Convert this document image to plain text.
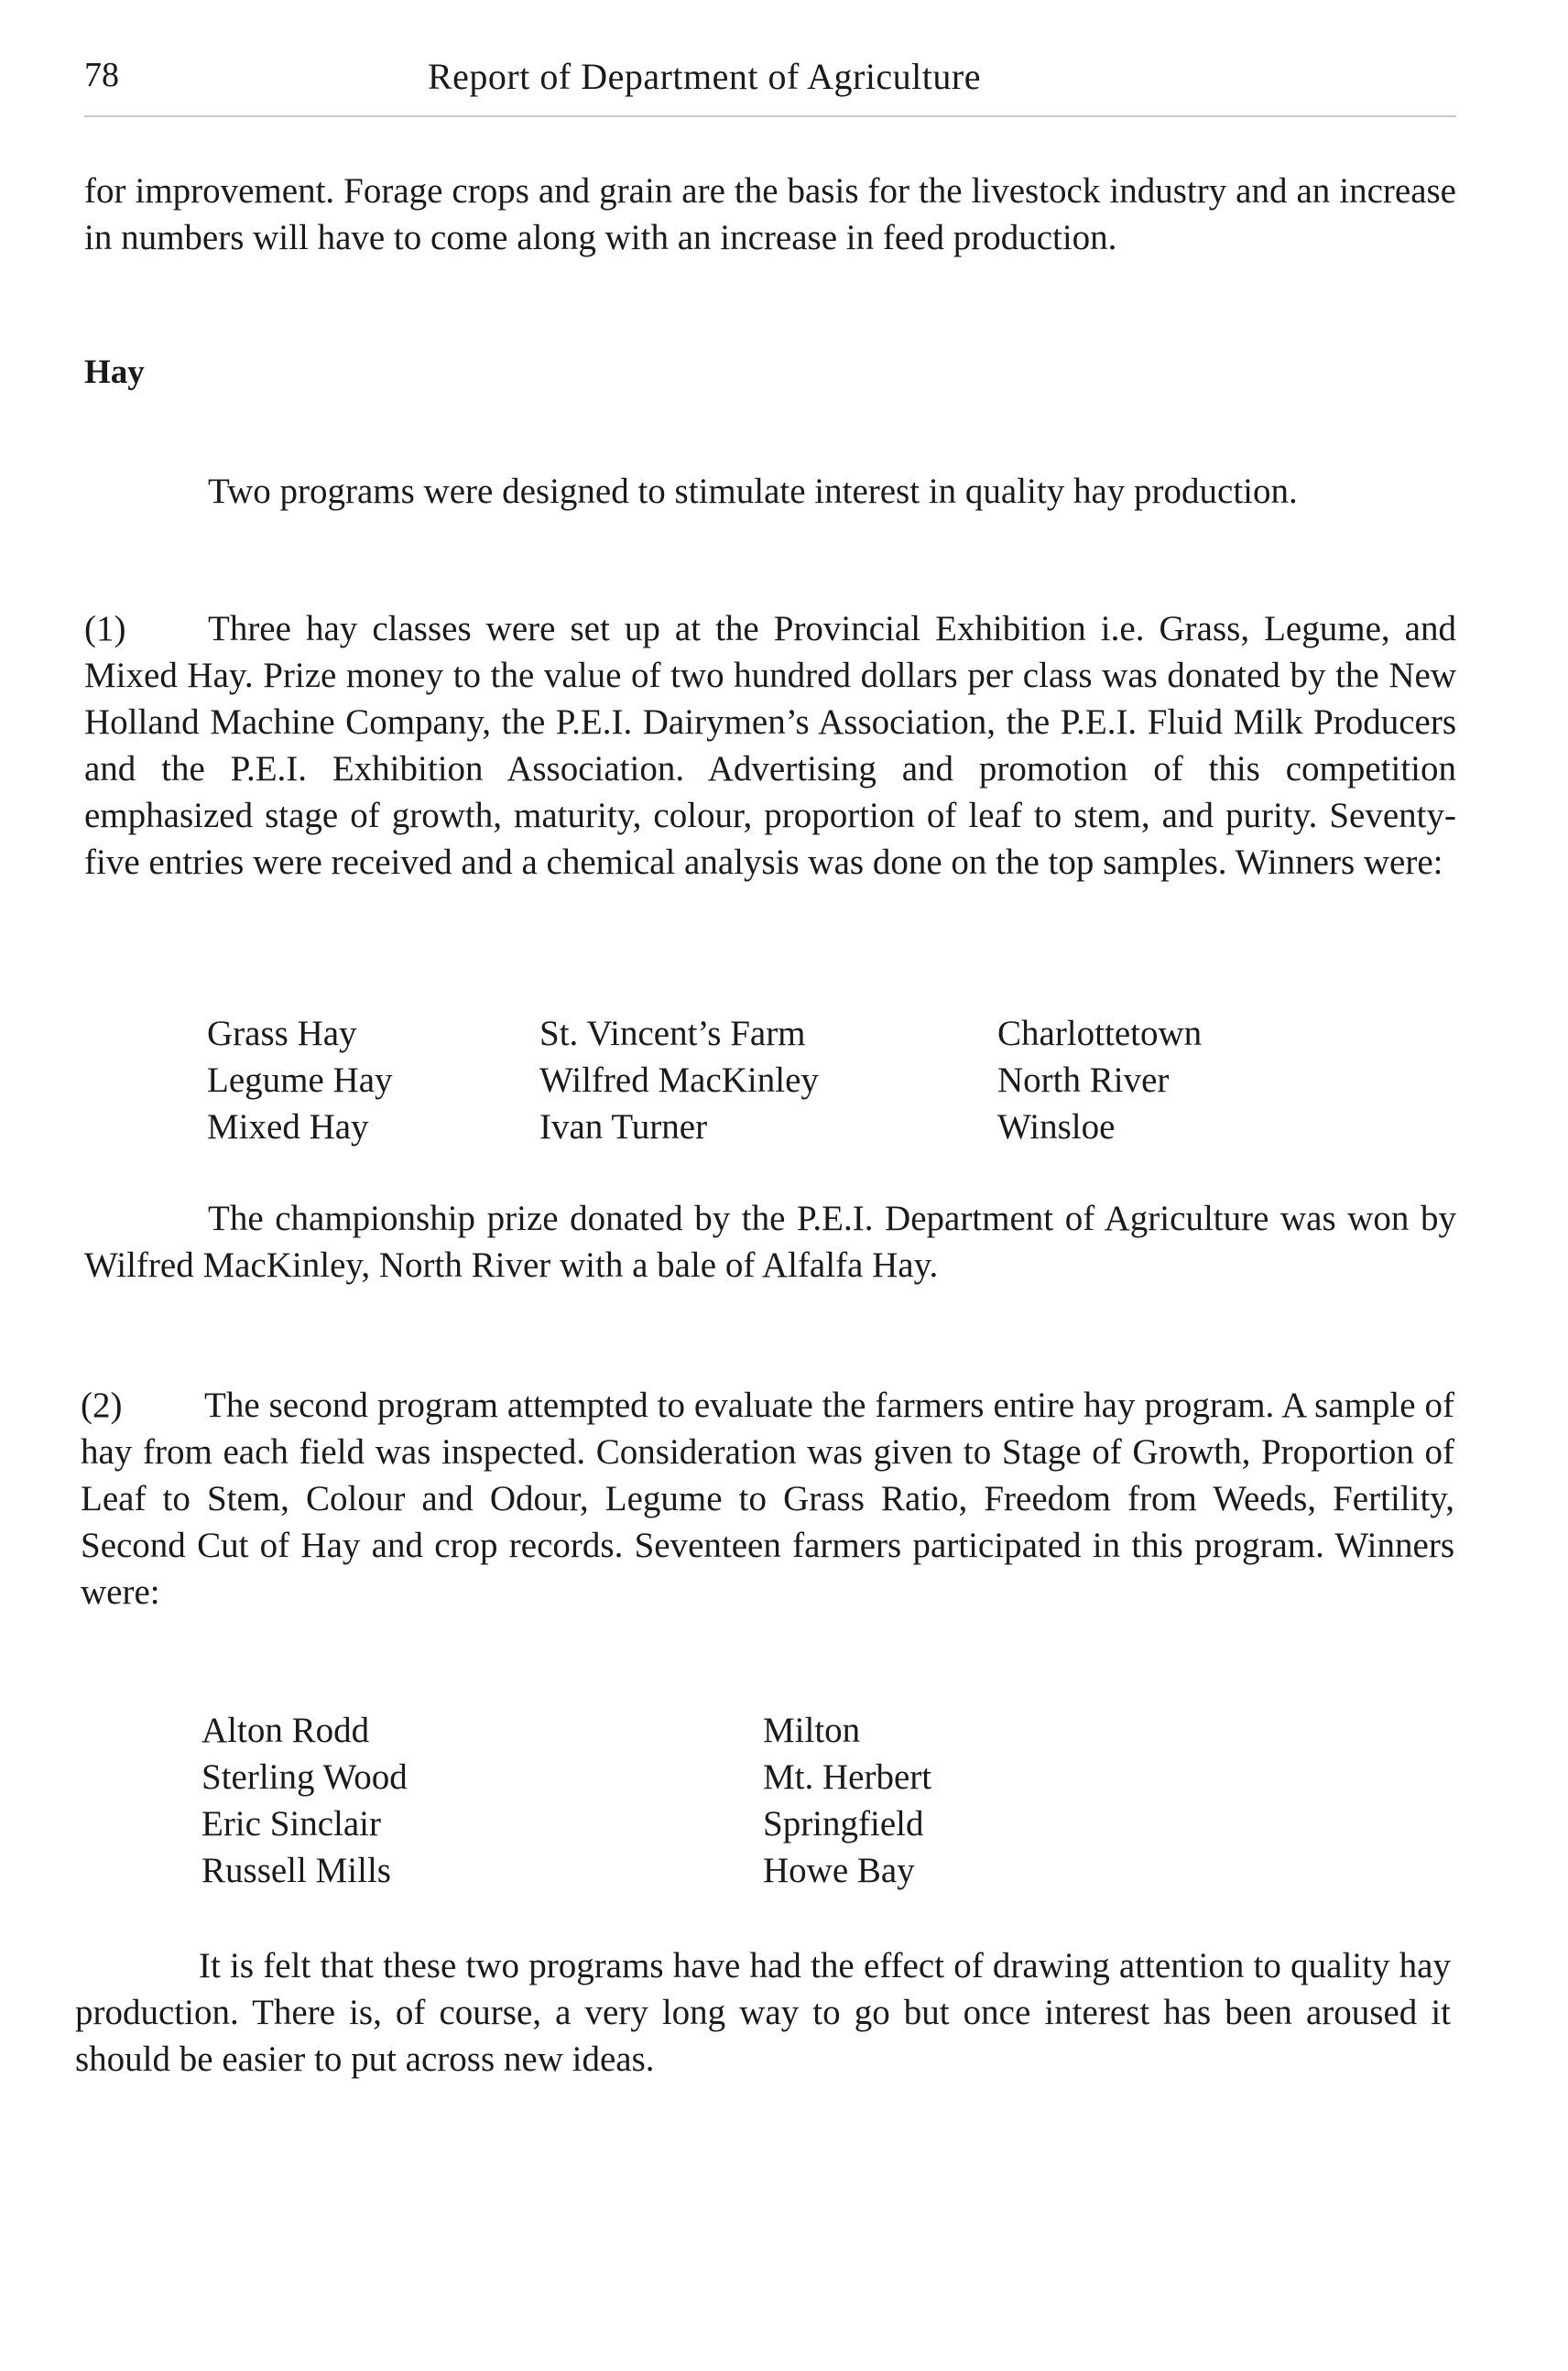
78	Report of Department of Agriculture

for improvement. Forage crops and grain are the basis for the livestock industry and an increase in numbers will have to come along with an increase in feed production.

Hay

Two programs were designed to stimulate interest in quality hay production.

(1) Three hay classes were set up at the Provincial Exhibition i.e. Grass, Legume, and Mixed Hay. Prize money to the value of two hundred dollars per class was donated by the New Holland Machine Company, the P.E.I. Dairymen’s Association, the P.E.I. Fluid Milk Producers and the P.E.I. Exhibition Association. Advertising and promotion of this competition emphasized stage of growth, maturity, colour, proportion of leaf to stem, and purity. Seventy-five entries were received and a chemical analysis was done on the top samples. Winners were:

Grass Hay	St. Vincent’s Farm	Charlottetown
Legume Hay	Wilfred MacKinley	North River
Mixed Hay	Ivan Turner	Winsloe

The championship prize donated by the P.E.I. Department of Agriculture was won by Wilfred MacKinley, North River with a bale of Alfalfa Hay.

(2) The second program attempted to evaluate the farmers entire hay program. A sample of hay from each field was inspected. Consideration was given to Stage of Growth, Proportion of Leaf to Stem, Colour and Odour, Legume to Grass Ratio, Freedom from Weeds, Fertility, Second Cut of Hay and crop records. Seventeen farmers participated in this program. Winners were:

Alton Rodd	Milton
Sterling Wood	Mt. Herbert
Eric Sinclair	Springfield
Russell Mills	Howe Bay

It is felt that these two programs have had the effect of drawing attention to quality hay production. There is, of course, a very long way to go but once interest has been aroused it should be easier to put across new ideas.
